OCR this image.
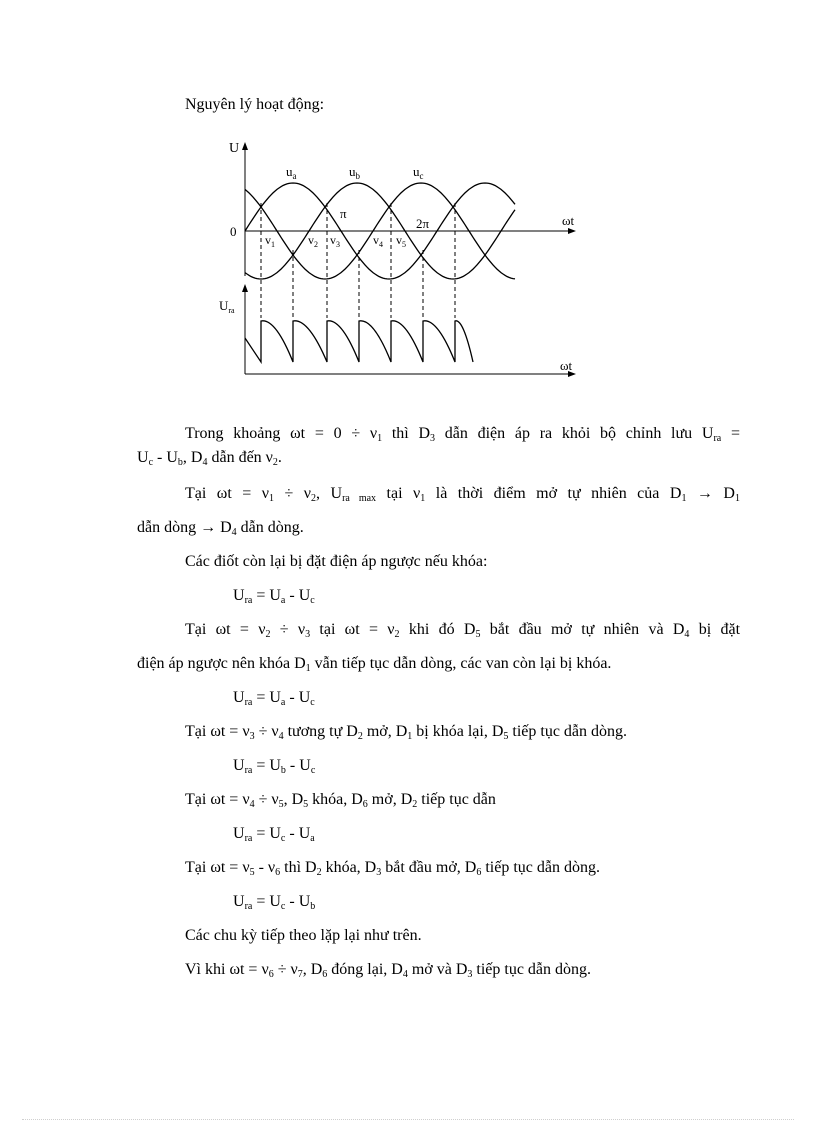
Nguyên lý hoạt động:
U
0
ωt
$u_a$	$u_b$	$u_c$
π
2π
$v_1$	$v_2$ $v_3$	$v_4$ $v_5$
$U_{ra}$
ωt
Trong khoảng $\omega t = 0 \div \nu_1$ thì $D_3$ dẫn điện áp ra khỏi bộ chỉnh lưu $U_{ra}$ =
$U_c - U_b$, $D_4$ dẫn đến $\nu_2$.
Tại $\omega t = \nu_1 \div \nu_2$, $U_{ra max}$ tại $\nu_1$ là thời điểm mở tự nhiên của $D_1 \to D_1$
dẫn dòng → $D_4$ dẫn dòng.
Các điốt còn lại bị đặt điện áp ngược nếu khóa:
$U_{ra} = U_a - U_c$
Tại $\omega t = \nu_2 \div \nu_3$ tại $\omega t = \nu_2$ khi đó $D_5$ bắt đầu mở tự nhiên và $D_4$ bị đặt
điện áp ngược nên khóa $D_1$ vẫn tiếp tục dẫn dòng, các van còn lại bị khóa.
$U_{ra} = U_a - U_c$
Tại $\omega t = \nu_3 \div \nu_4$ tương tự $D_2$ mở, $D_1$ bị khóa lại, $D_5$ tiếp tục dẫn dòng.
$U_{ra} = U_b - U_c$
Tại $\omega t = \nu_4 \div \nu_5$, $D_5$ khóa, $D_6$ mở, $D_2$ tiếp tục dẫn
$U_{ra} = U_c - U_a$
Tại $\omega t = \nu_5 - \nu_6$ thì $D_2$ khóa, $D_3$ bắt đầu mở, $D_6$ tiếp tục dẫn dòng.
$U_{ra} = U_c - U_b$
Các chu kỳ tiếp theo lặp lại như trên.
Vì khi $\omega t = \nu_6 \div \nu_7$, $D_6$ đóng lại, $D_4$ mở và $D_3$ tiếp tục dẫn dòng.
